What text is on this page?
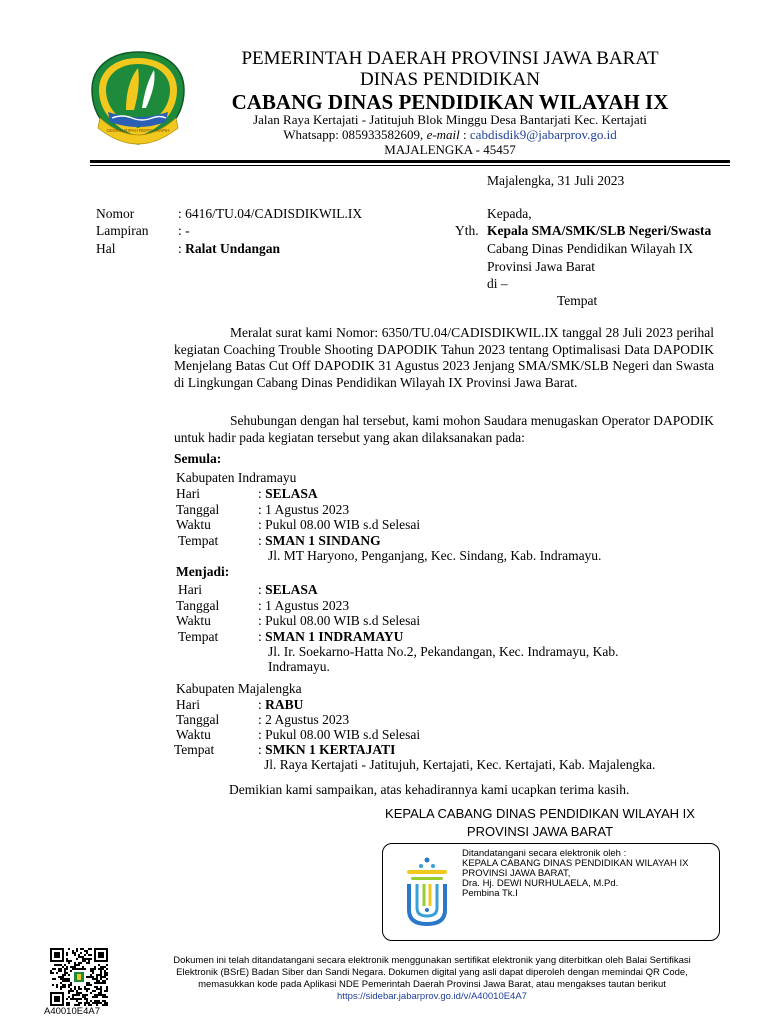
GEMAH RIPAH REPEH RAPIH
PEMERINTAH DAERAH PROVINSI JAWA BARAT
DINAS PENDIDIKAN
CABANG DINAS PENDIDIKAN WILAYAH IX
Jalan Raya Kertajati - Jatitujuh Blok Minggu Desa Bantarjati Kec. Kertajati
Whatsapp: 085933582609, e-mail : cabdisdik9@jabarprov.go.id
MAJALENGKA - 45457
Majalengka, 31 Juli 2023
Nomor	: 6416/TU.04/CADISDIKWIL.IX
Lampiran : -
Hal	: Ralat Undangan
Kepada,
Yth. Kepala SMA/SMK/SLB Negeri/Swasta
Cabang Dinas Pendidikan Wilayah IX
Provinsi Jawa Barat
di –
Tempat
Meralat surat kami Nomor: 6350/TU.04/CADISDIKWIL.IX tanggal 28 Juli 2023 perihal kegiatan Coaching Trouble Shooting DAPODIK Tahun 2023 tentang Optimalisasi Data DAPODIK Menjelang Batas Cut Off DAPODIK 31 Agustus 2023 Jenjang SMA/SMK/SLB Negeri dan Swasta di Lingkungan Cabang Dinas Pendidikan Wilayah IX Provinsi Jawa Barat.
Sehubungan dengan hal tersebut, kami mohon Saudara menugaskan Operator DAPODIK untuk hadir pada kegiatan tersebut yang akan dilaksanakan pada:
Semula:
Kabupaten Indramayu
Hari	: SELASA
Tanggal	: 1 Agustus 2023
Waktu	: Pukul 08.00 WIB s.d Selesai
Tempat	: SMAN 1 SINDANG
Jl. MT Haryono, Penganjang, Kec. Sindang, Kab. Indramayu.
Menjadi:
Hari	: SELASA
Tanggal	: 1 Agustus 2023
Waktu	: Pukul 08.00 WIB s.d Selesai
Tempat	: SMAN 1 INDRAMAYU
Jl. Ir. Soekarno-Hatta No.2, Pekandangan, Kec. Indramayu, Kab.
Indramayu.
Kabupaten Majalengka
Hari	: RABU
Tanggal	: 2 Agustus 2023
Waktu	: Pukul 08.00 WIB s.d Selesai
Tempat	: SMKN 1 KERTAJATI
Jl. Raya Kertajati - Jatitujuh, Kertajati, Kec. Kertajati, Kab. Majalengka.
Demikian kami sampaikan, atas kehadirannya kami ucapkan terima kasih.
KEPALA CABANG DINAS PENDIDIKAN WILAYAH IX
PROVINSI JAWA BARAT
Ditandatangani secara elektronik oleh :
KEPALA CABANG DINAS PENDIDIKAN WILAYAH IX
PROVINSI JAWA BARAT,
Dra. Hj. DEWI NURHULAELA, M.Pd.
Pembina Tk.I
A40010E4A7
Dokumen ini telah ditandatangani secara elektronik menggunakan sertifikat elektronik yang diterbitkan oleh Balai Sertifikasi
Elektronik (BSrE) Badan Siber dan Sandi Negara. Dokumen digital yang asli dapat diperoleh dengan memindai QR Code,
memasukkan kode pada Aplikasi NDE Pemerintah Daerah Provinsi Jawa Barat, atau mengakses tautan berikut
https://sidebar.jabarprov.go.id/v/A40010E4A7
